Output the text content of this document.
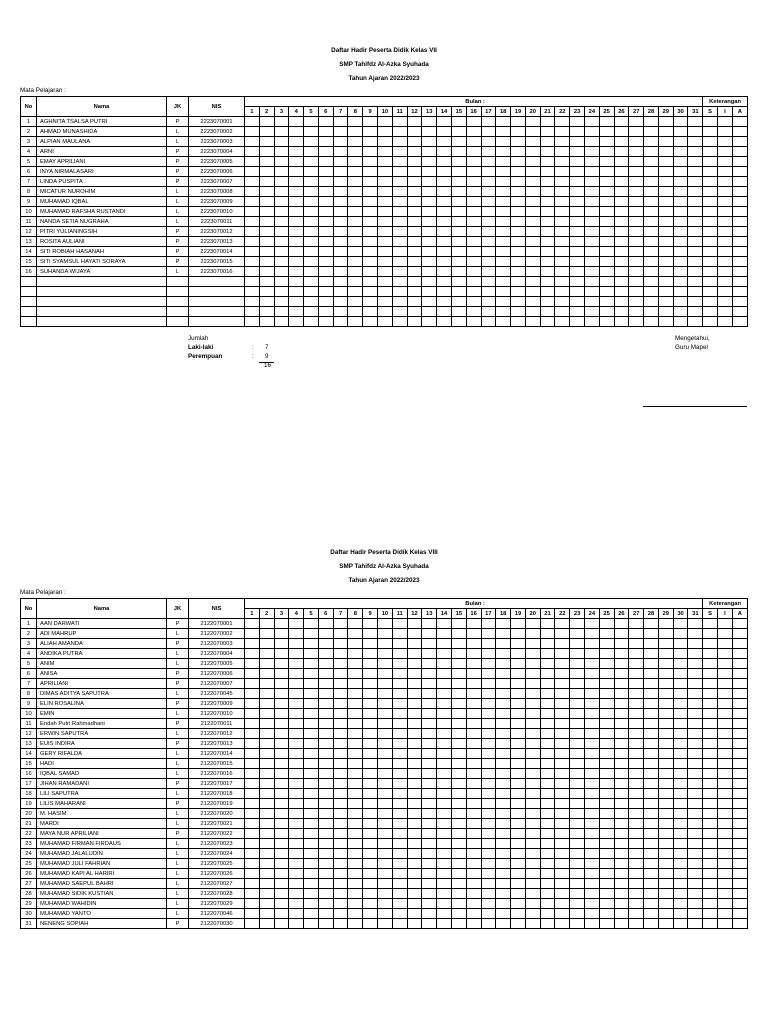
Daftar Hadir Peserta Didik Kelas VII
SMP Tahifdz Al-Azka Syuhada
Tahun Ajaran 2022/2023
Mata Pelajaran :
No	Nama	JK	NIS	Bulan :																															Keterangan		
				1	2	3	4	5	6	7	8	9	10	11	12	13	14	15	16	17	18	19	20	21	22	23	24	25	26	27	28	29	30	31	S	I	A
1	AGHNITA TSALSA PUTRI	P	2223070001																																		
2	AHMAD MUNASHIDA	L	2223070002																																		
3	ALPIAN MAULANA	L	2223070003																																		
4	ARNI	P	2223070004																																		
5	EMAY APRILIANI	P	2223070005																																		
6	INYA NIRMALASARI	P	2223070006																																		
7	LINDA PUSPITA	P	2223070007																																		
8	MICATUR NUROHIM	L	2223070008																																		
9	MUHAMAD IQBAL	L	2223070009																																		
10	MUHAMAD RAFSHA RUSTANDI	L	2223070010																																		
11	NANDA SETIA NUGRAHA	L	2223070011																																		
12	PITRI YULIANINGSIH	P	2223070012																																		
13	ROSITA AULIANI	P	2223070013																																		
14	SITI ROBIAH HASANAH	P	2223070014																																		
15	SITI SYAMSUL HAYATI SORAYA	P	2223070015																																		
16	SUHANDA WIJAYA	L	2223070016																																		

Jumlah
Laki-laki	: 7
Perempuan	: 9
16
Mengetahui,
Guru Mapel
Daftar Hadir Peserta Didik Kelas VIII
SMP Tahifdz Al-Azka Syuhada
Tahun Ajaran 2022/2023
Mata Pelajaran :
No	Nama	JK	NIS	Bulan :																															Keterangan		
				1	2	3	4	5	6	7	8	9	10	11	12	13	14	15	16	17	18	19	20	21	22	23	24	25	26	27	28	29	30	31	S	I	A
1	AAN DARWATI	P	2122070001																																		
2	ADI MAHRUP	L	2122070002																																		
3	ALIAH AMANDA	P	2122070003																																		
4	ANDIKA PUTRA	L	2122070004																																		
5	ANIM	L	2122070005																																		
6	ANISA	P	2122070006																																		
7	APRILIANI	P	2122070007																																		
8	DIMAS ADITYA SAPUTRA	L	2122070045																																		
9	ELIN ROSALINA	P	2122070009																																		
10	EMIN	L	2122070010																																		
11	Endah Putri Rahmadhani	P	2122070011																																		
12	ERWIN SAPUTRA	L	2122070012																																		
13	EUIS INDIRA	P	2122070013																																		
14	GERY RIFALDA	L	2122070014																																		
15	HADI	L	2122070015																																		
16	IQBAL SAMAD	L	2122070016																																		
17	JIHAN RAMADANI	P	2122070017																																		
18	LILI SAPUTRA	L	2122070018																																		
19	LILIS MAHARANI	P	2122070019																																		
20	M. HASIM	L	2122070020																																		
21	MARDI	L	2122070021																																		
22	MAYA NUR APRILIANI	P	2122070022																																		
23	MUHAMAD FIRMAN FIRDAUS	L	2122070023																																		
24	MUHAMAD JALALUDIN	L	2122070024																																		
25	MUHAMAD JULI FAHRIAN	L	2122070025																																		
26	MUHAMAD KAPI AL HARIRI	L	2122070026																																		
27	MUHAMAD SAEPUL BAHRI	L	2122070027																																		
28	MUHAMAD SIDIK KUSTIAN	L	2122070028																																		
29	MUHAMAD WAHIDIN	L	2122070029																																		
30	MUHAMAD YANTO	L	2122070046																																		
31	NENENG SOPIAH	P	2122070030																																		
